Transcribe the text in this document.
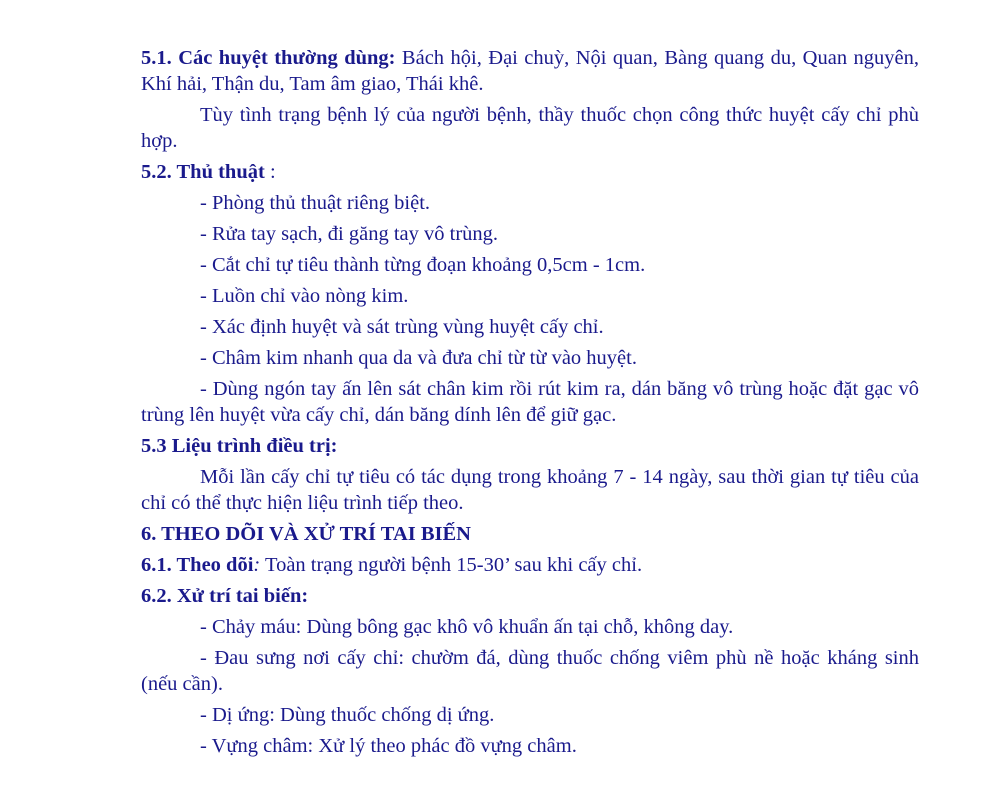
5.1. Các huyệt thường dùng: Bách hội, Đại chuỳ, Nội quan, Bàng quang du, Quan nguyên, Khí hải, Thận du, Tam âm giao, Thái khê.

Tùy tình trạng bệnh lý của người bệnh, thầy thuốc chọn công thức huyệt cấy chỉ phù hợp.

5.2. Thủ thuật :

- Phòng thủ thuật riêng biệt.

- Rửa tay sạch, đi găng tay vô trùng.

- Cắt chỉ tự tiêu thành từng đoạn khoảng 0,5cm - 1cm.

- Luồn chỉ vào nòng kim.

- Xác định huyệt và sát trùng vùng huyệt cấy chỉ.

- Châm kim nhanh qua da và đưa chỉ từ từ vào huyệt.

- Dùng ngón tay ấn lên sát chân kim rồi rút kim ra, dán băng vô trùng hoặc đặt gạc vô trùng lên huyệt vừa cấy chỉ, dán băng dính lên để giữ gạc.

5.3 Liệu trình điều trị:

Mỗi lần cấy chỉ tự tiêu có tác dụng trong khoảng 7 - 14 ngày, sau thời gian tự tiêu của chỉ có thể thực hiện liệu trình tiếp theo.

6. THEO DÕI VÀ XỬ TRÍ TAI BIẾN

6.1. Theo dõi: Toàn trạng người bệnh 15-30’ sau khi cấy chỉ.

6.2. Xử trí tai biến:

- Chảy máu: Dùng bông gạc khô vô khuẩn ấn tại chỗ, không day.

- Đau sưng nơi cấy chỉ: chườm đá, dùng thuốc chống viêm phù nề hoặc kháng sinh (nếu cần).

- Dị ứng: Dùng thuốc chống dị ứng.

- Vựng châm: Xử lý theo phác đồ vựng châm.
